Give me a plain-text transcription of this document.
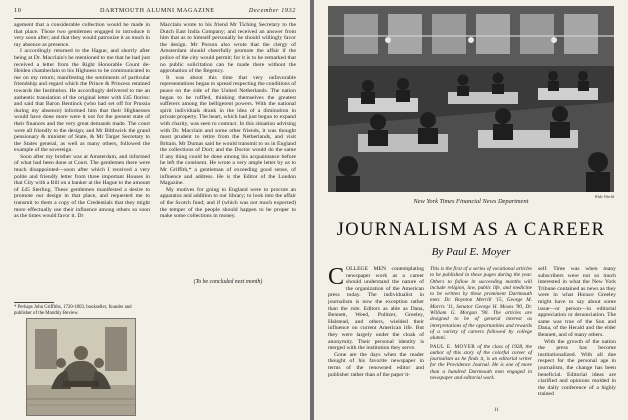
10	DARTMOUTH ALUMNI MAGAZINE	December 1932

agement that a considerable collection would be made in that place. Those two gentlemen engaged to introduce it very soon after; and that they would patronize it as much in my absence as presence.

I accordingly returned to the Hague, and shortly after being at Dr. Macclain's he mentioned to me that he had just received a letter from the Right Honorable Count de-Heiden chamberlain to his Highness to be communicated to me on my return; manifesting the sentiments of particular friendship and regard which the Prince & Princess retained towards the Institution. He accordingly delivered to me an authentic translation of the original letter with £45 florins: and said that Baron Bentinck (who had set off for Prussia during my absence) informed him that their Highnesses would have done more were it not for the present state of their finances and the very great demands made. The court were all friendly to the design; and Mr Bilthwick the grand pensionary & minister of State, & Mr Targer Secretary to the States general, as well as many others, followed the example of the sovereign.

Soon after my brother was at Amsterdam, and informed of what had been done at Court. The gentlemen there were much disappointed—soon after which I received a very polite and friendly letter from three important Houses in that City with a Bill on a banker at the Hague to the amount of £45 Sterling. These gentlemen manifested a desire to promote our design in that place, and requested me to transmit to them a copy of the Credentials that they might more effectually use their influence among others so soon as the times would favor it. Dr

Macclain wrote to his friend Mr Tiching Secretary to the Dutch East India Company; and received an answer from him that as to himself personally he should willingly favor the design. Mr Porson also wrote that the clergy of Amsterdam should cheerfully promote the affair if the police of the city would permit; for it is to be remarked that no public solicitation can be made there without the approbation of the Regency.

It was about this time that very unfavorable representations began to spread respecting the conditions of peace on the side of the United Netherlands. The nation began to be ruffled, thinking themselves the greatest sufferers among the belligerent powers. With the national spirit individuals drank in the idea of a diminution in private property. The heart, which had just begun to expand with charity, was seen to contract. In this situation advising with Dr. Macclain and some other friends, it was thought most prudent to retire from the Netherlands, and visit Britain. Mr Dumas said he would transmit to us in England the collections of Dort; and the Doctor would do the same if any thing could be done among his acquaintance before he left the continent. He wrote a very ample letter by us to Mr Griffith,* a gentleman of exceeding good sense, of influence and address. He is the Editor of the London Magazine.

My motives for going to England were to procure an apparatus and addition to our library; to look into the affair of the Scotch fund; and if (which was not much expected) the temper of the people should happen to be proper to make some collections in money.

(To be concluded next month)
* Perhaps John Griffiths, 1720-1803, bookseller, founder and publisher of the Monthly Review.
Wide World
New York Times Financial News Department
JOURNALISM AS A CAREER
By Paul E. Moyer

COLLEGE MEN contemplating newspaper work as a career should understand the nature of the organization of the American press today. The individualist in journalism is now the exception rather than the rule. Editors as able as Dana, Bennett, Weed, Pulitzer, Greeley, Halstead, and others, wielded their influence on current American life. But they were largely under the cloak of anonymity. Their personal identity is merged with the institution they serve.

Gone are the days when the reader thought of his favorite newspaper in terms of the renowned editor and publisher rather than of the paper it-

This is the first of a series of vocational articles to be published in these pages during the year. Others to follow in succeeding months will include religion, law, public life, and medicine to be written by these prominent Dartmouth men: Dr. Boynton Merrill '15, George M. Morris '11, Senator George H. Moses '90, Dr. William G. Morgan '90. The articles are designed to be of general interest as interpretations of the opportunities and rewards of a variety of careers followed by college alumni.

PAUL E. MOYER of the class of 1928, the author of this story of the colorful career of journalism as he finds it, is an editorial writer for the Providence Journal. He is one of more than a hundred Dartmouth men engaged in newspaper and editorial work.

self. Time was when many subscribers were not so much interested in what the New York Tribune contained as news as they were in what Horace Greeley might have to say about some issue—or person—in editorial appreciation or denunciation. The same was true of the Sun and Dana, of the Herald and the elder Bennett, and of many others.

With the growth of the nation the press has become institutionalized. With all due respect for the personal age in journalism, the change has been beneficial. Editorial ideas are clarified and opinions molded in the daily conference of a highly trained

11
